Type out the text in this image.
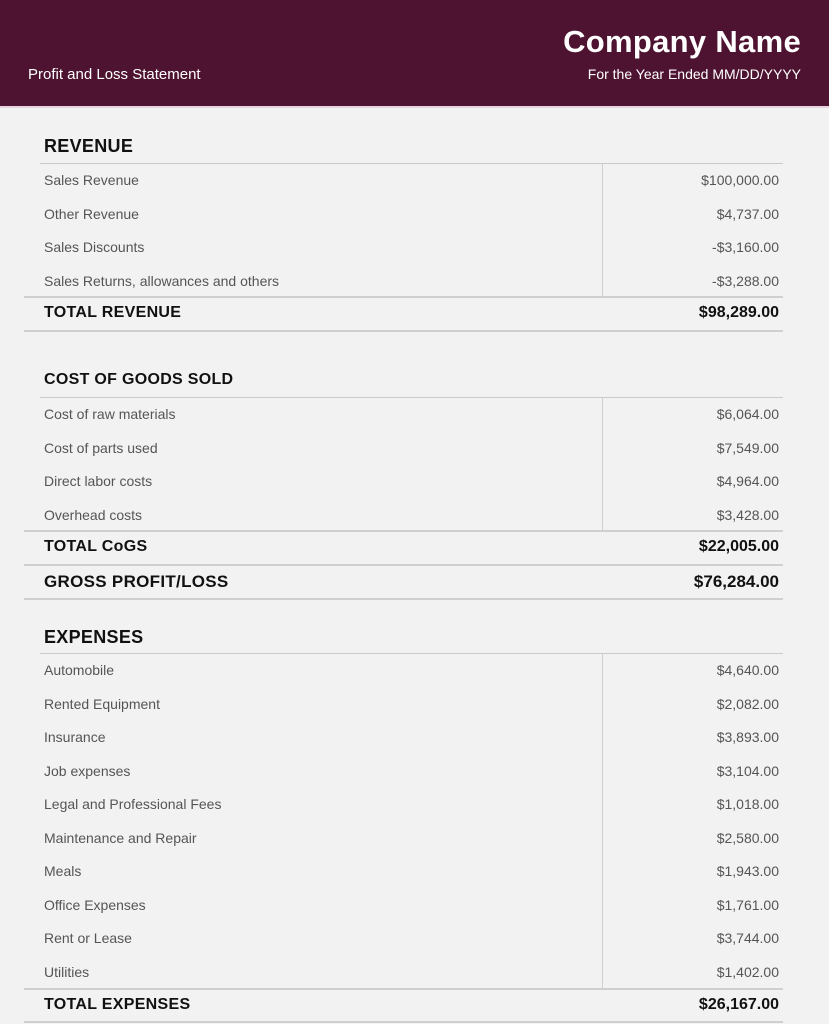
Company Name
Profit and Loss Statement	For the Year Ended MM/DD/YYYY
REVENUE
Sales Revenue	$100,000.00
Other Revenue	$4,737.00
Sales Discounts	-$3,160.00
Sales Returns, allowances and others	-$3,288.00
TOTAL REVENUE	$98,289.00
COST OF GOODS SOLD
Cost of raw materials	$6,064.00
Cost of parts used	$7,549.00
Direct labor costs	$4,964.00
Overhead costs	$3,428.00
TOTAL CoGS	$22,005.00
GROSS PROFIT/LOSS	$76,284.00
EXPENSES
Automobile	$4,640.00
Rented Equipment	$2,082.00
Insurance	$3,893.00
Job expenses	$3,104.00
Legal and Professional Fees	$1,018.00
Maintenance and Repair	$2,580.00
Meals	$1,943.00
Office Expenses	$1,761.00
Rent or Lease	$3,744.00
Utilities	$1,402.00
TOTAL EXPENSES	$26,167.00
